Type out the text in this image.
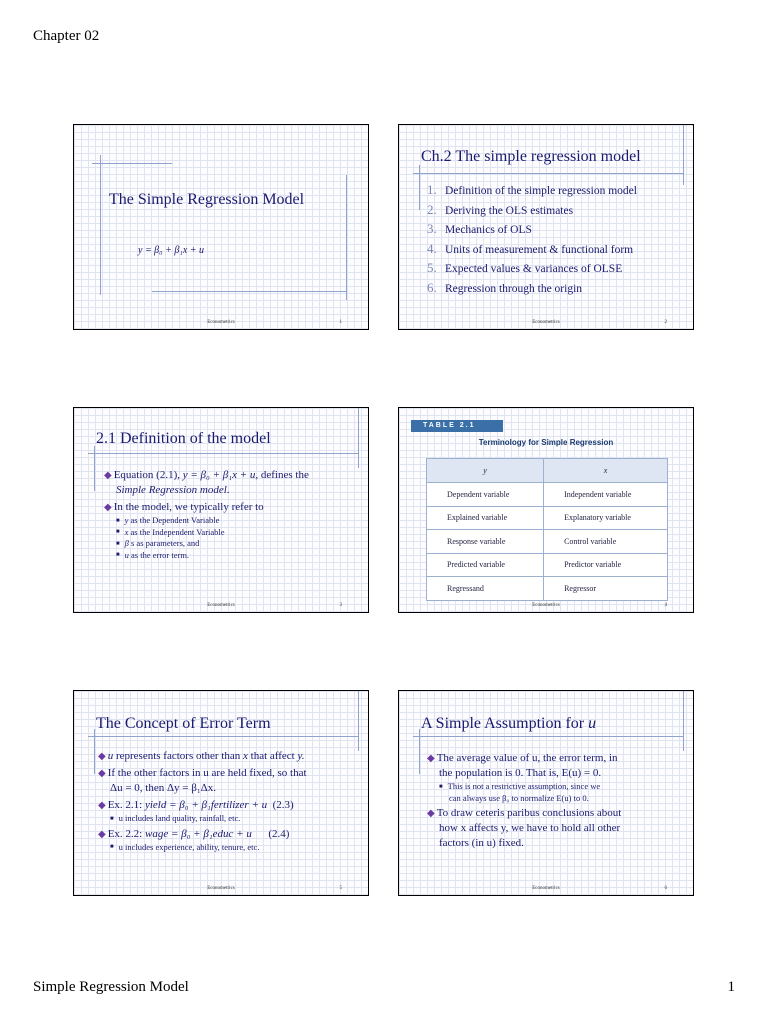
Chapter 02
The Simple Regression Model
y = β₀ + β₁x + u
Econometrics	1
Ch.2 The simple regression model
1. Definition of the simple regression model
2. Deriving the OLS estimates
3. Mechanics of OLS
4. Units of measurement & functional form
5. Expected values & variances of OLSE
6. Regression through the origin
Econometrics	2
2.1 Definition of the model
◆ Equation (2.1), y = β₀ + β₁x + u, defines the
Simple Regression model.
◆ In the model, we typically refer to
■ y as the Dependent Variable
■ x as the Independent Variable
■ β s as parameters, and
■ u as the error term.
Econometrics	3
TABLE 2.1
Terminology for Simple Regression
y	x
Dependent variable	Independent variable
Explained variable	Explanatory variable
Response variable	Control variable
Predicted variable	Predictor variable
Regressand	Regressor
Econometrics	4
The Concept of Error Term
◆ u represents factors other than x that affect y.
◆ If the other factors in u are held fixed, so that
Δu = 0, then Δy = β₁Δx.
◆ Ex. 2.1: yield = β₀ + β₁fertilizer + u (2.3)
■ u includes land quality, rainfall, etc.
◆ Ex. 2.2: wage = β₀ + β₁educ + u (2.4)
■ u includes experience, ability, tenure, etc.
Econometrics	5
A Simple Assumption for u
◆ The average value of u, the error term, in
the population is 0. That is, E(u) = 0.
■ This is not a restrictive assumption, since we
can always use β₀ to normalize E(u) to 0.
◆ To draw ceteris paribus conclusions about
how x affects y, we have to hold all other
factors (in u) fixed.
Econometrics	6
Simple Regression Model	1
